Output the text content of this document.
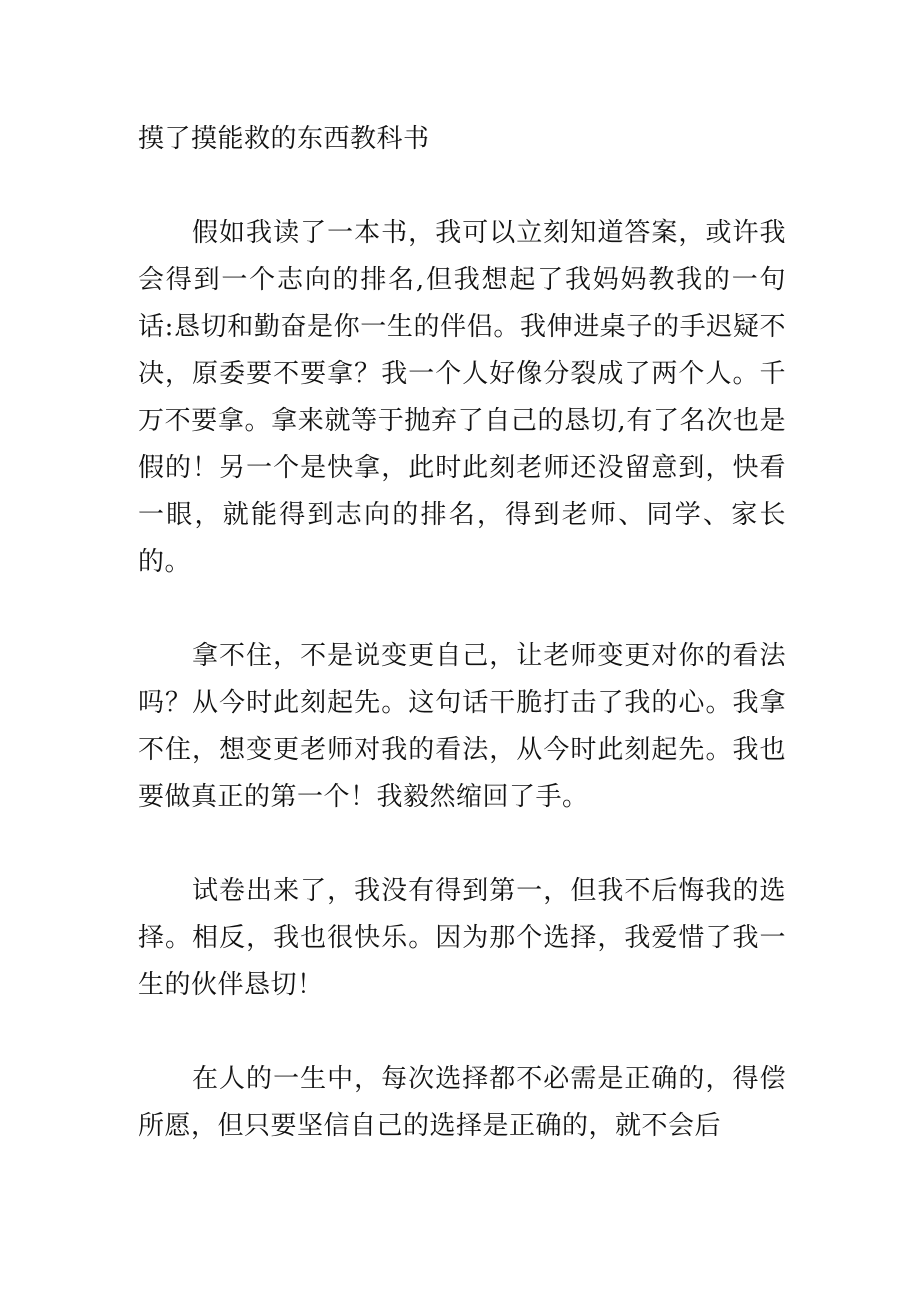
摸了摸能救的东西教科书

假如我读了一本书，我可以立刻知道答案，或许我会得到一个志向的排名,但我想起了我妈妈教我的一句话:恳切和勤奋是你一生的伴侣。我伸进桌子的手迟疑不决，原委要不要拿？我一个人好像分裂成了两个人。千万不要拿。拿来就等于抛弃了自己的恳切,有了名次也是假的！另一个是快拿，此时此刻老师还没留意到，快看一眼，就能得到志向的排名，得到老师、同学、家长的。

拿不住，不是说变更自己，让老师变更对你的看法吗？从今时此刻起先。这句话干脆打击了我的心。我拿不住，想变更老师对我的看法，从今时此刻起先。我也要做真正的第一个！我毅然缩回了手。

试卷出来了，我没有得到第一，但我不后悔我的选择。相反，我也很快乐。因为那个选择，我爱惜了我一生的伙伴恳切！

在人的一生中，每次选择都不必需是正确的，得偿所愿，但只要坚信自己的选择是正确的，就不会后
